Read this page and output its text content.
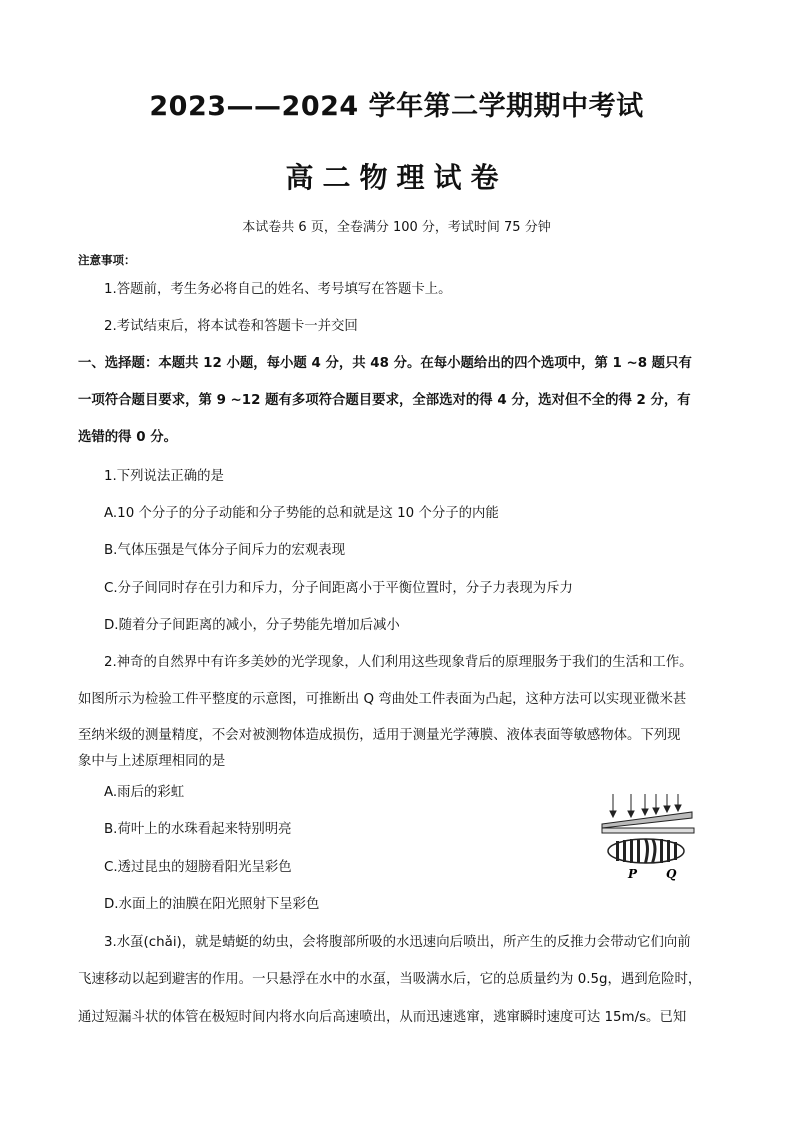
2023——2024 学年第二学期期中考试
高二物理试卷
本试卷共 6 页，全卷满分 100 分，考试时间 75 分钟
注意事项：
1.答题前，考生务必将自己的姓名、考号填写在答题卡上。
2.考试结束后，将本试卷和答题卡一并交回
一、选择题：本题共 12 小题，每小题 4 分，共 48 分。在每小题给出的四个选项中，第 1 ~8 题只有
一项符合题目要求，第 9 ~12 题有多项符合题目要求，全部选对的得 4 分，选对但不全的得 2 分，有
选错的得 0 分。
1.下列说法正确的是
A.10 个分子的分子动能和分子势能的总和就是这 10 个分子的内能
B.气体压强是气体分子间斥力的宏观表现
C.分子间同时存在引力和斥力，分子间距离小于平衡位置时，分子力表现为斥力
D.随着分子间距离的减小，分子势能先增加后减小
2.神奇的自然界中有许多美妙的光学现象，人们利用这些现象背后的原理服务于我们的生活和工作。
如图所示为检验工件平整度的示意图，可推断出 Q 弯曲处工件表面为凸起，这种方法可以实现亚微米甚
至纳米级的测量精度，不会对被测物体造成损伤，适用于测量光学薄膜、液体表面等敏感物体。下列现
象中与上述原理相同的是
A.雨后的彩虹
B.荷叶上的水珠看起来特别明亮
C.透过昆虫的翅膀看阳光呈彩色
D.水面上的油膜在阳光照射下呈彩色
P Q
3.水虿(chǎi)，就是蜻蜓的幼虫，会将腹部所吸的水迅速向后喷出，所产生的反推力会带动它们向前
飞速移动以起到避害的作用。一只悬浮在水中的水虿，当吸满水后，它的总质量约为 0.5g，遇到危险时，
通过短漏斗状的体管在极短时间内将水向后高速喷出，从而迅速逃窜，逃窜瞬时速度可达 15m/s。已知
